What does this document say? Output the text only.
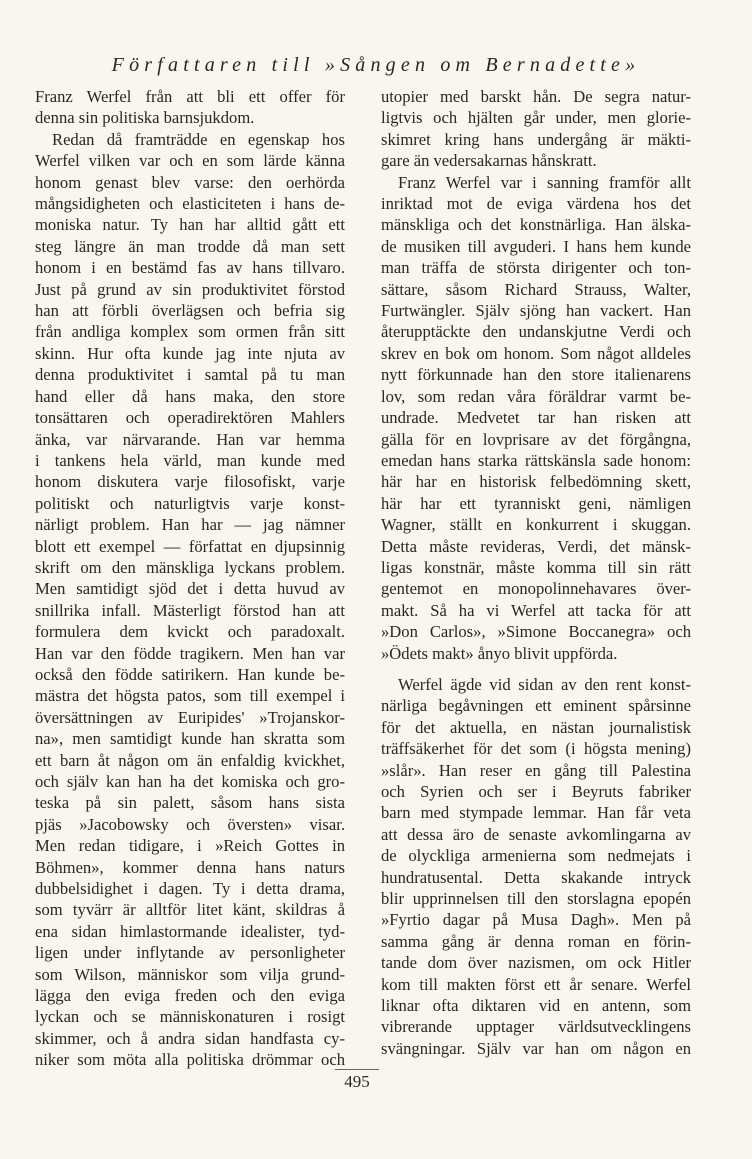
Författaren till »Sången om Bernadette»
Franz Werfel från att bli ett offer för
denna sin politiska barnsjukdom.
Redan då framträdde en egenskap hos
Werfel vilken var och en som lärde känna
honom genast blev varse: den oerhörda
mångsidigheten och elasticiteten i hans de-
moniska natur. Ty han har alltid gått ett
steg längre än man trodde då man sett
honom i en bestämd fas av hans tillvaro.
Just på grund av sin produktivitet förstod
han att förbli överlägsen och befria sig
från andliga komplex som ormen från sitt
skinn. Hur ofta kunde jag inte njuta av
denna produktivitet i samtal på tu man
hand eller då hans maka, den store
tonsättaren och operadirektören Mahlers
änka, var närvarande. Han var hemma
i tankens hela värld, man kunde med
honom diskutera varje filosofiskt, varje
politiskt och naturligtvis varje konst-
närligt problem. Han har — jag nämner
blott ett exempel — författat en djupsinnig
skrift om den mänskliga lyckans problem.
Men samtidigt sjöd det i detta huvud av
snillrika infall. Mästerligt förstod han att
formulera dem kvickt och paradoxalt.
Han var den födde tragikern. Men han var
också den födde satirikern. Han kunde be-
mästra det högsta patos, som till exempel i
översättningen av Euripides' »Trojanskor-
na», men samtidigt kunde han skratta som
ett barn åt någon om än enfaldig kvickhet,
och själv kan han ha det komiska och gro-
teska på sin palett, såsom hans sista
pjäs »Jacobowsky och översten» visar.
Men redan tidigare, i »Reich Gottes in
Böhmen», kommer denna hans naturs
dubbelsidighet i dagen. Ty i detta drama,
som tyvärr är alltför litet känt, skildras å
ena sidan himlastormande idealister, tyd-
ligen under inflytande av personligheter
som Wilson, människor som vilja grund-
lägga den eviga freden och den eviga
lyckan och se människonaturen i rosigt
skimmer, och å andra sidan handfasta cy-
niker som möta alla politiska drömmar och
utopier med barskt hån. De segra natur-
ligtvis och hjälten går under, men glorie-
skimret kring hans undergång är mäkti-
gare än vedersakarnas hånskratt.
Franz Werfel var i sanning framför allt
inriktad mot de eviga värdena hos det
mänskliga och det konstnärliga. Han älska-
de musiken till avguderi. I hans hem kunde
man träffa de största dirigenter och ton-
sättare, såsom Richard Strauss, Walter,
Furtwängler. Själv sjöng han vackert. Han
återupptäckte den undanskjutne Verdi och
skrev en bok om honom. Som något alldeles
nytt förkunnade han den store italienarens
lov, som redan våra föräldrar varmt be-
undrade. Medvetet tar han risken att
gälla för en lovprisare av det förgångna,
emedan hans starka rättskänsla sade honom:
här har en historisk felbedömning skett,
här har ett tyranniskt geni, nämligen
Wagner, ställt en konkurrent i skuggan.
Detta måste revideras, Verdi, det mänsk-
ligas konstnär, måste komma till sin rätt
gentemot en monopolinnehavares över-
makt. Så ha vi Werfel att tacka för att
»Don Carlos», »Simone Boccanegra» och
»Ödets makt» ånyo blivit uppförda.
Werfel ägde vid sidan av den rent konst-
närliga begåvningen ett eminent spårsinne
för det aktuella, en nästan journalistisk
träffsäkerhet för det som (i högsta mening)
»slår». Han reser en gång till Palestina
och Syrien och ser i Beyruts fabriker
barn med stympade lemmar. Han får veta
att dessa äro de senaste avkomlingarna av
de olyckliga armenierna som nedmejats i
hundratusental. Detta skakande intryck
blir upprinnelsen till den storslagna epopén
»Fyrtio dagar på Musa Dagh». Men på
samma gång är denna roman en förin-
tande dom över nazismen, om ock Hitler
kom till makten först ett år senare. Werfel
liknar ofta diktaren vid en antenn, som
vibrerande upptager världsutvecklingens
svängningar. Själv var han om någon en
495
